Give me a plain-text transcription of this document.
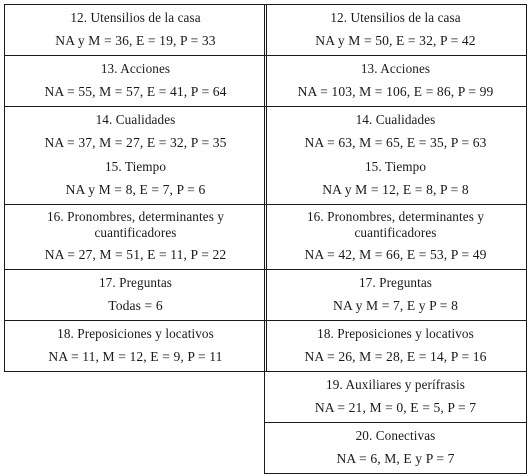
12. Utensilios de la casa
NA y M = 36, E = 19, P = 33
13. Acciones
NA = 55, M = 57, E = 41, P = 64
14. Cualidades
NA = 37, M = 27, E = 32, P = 35
15. Tiempo
NA y M = 8, E = 7, P = 6
16. Pronombres, determinantes y cuantificadores
NA = 27, M = 51, E = 11, P = 22
17. Preguntas
Todas = 6
18. Preposiciones y locativos
NA = 11, M = 12, E = 9, P = 11
12. Utensilios de la casa
NA y M = 50, E = 32, P = 42
13. Acciones
NA = 103, M = 106, E = 86, P = 99
14. Cualidades
NA = 63, M = 65, E = 35, P = 63
15. Tiempo
NA y M = 12, E = 8, P = 8
16. Pronombres, determinantes y cuantificadores
NA = 42, M = 66, E = 53, P = 49
17. Preguntas
NA y M = 7, E y P = 8
18. Preposiciones y locativos
NA = 26, M = 28, E = 14, P = 16
19. Auxiliares y perífrasis
NA = 21, M = 0, E = 5, P = 7
20. Conectivas
NA = 6, M, E y P = 7
